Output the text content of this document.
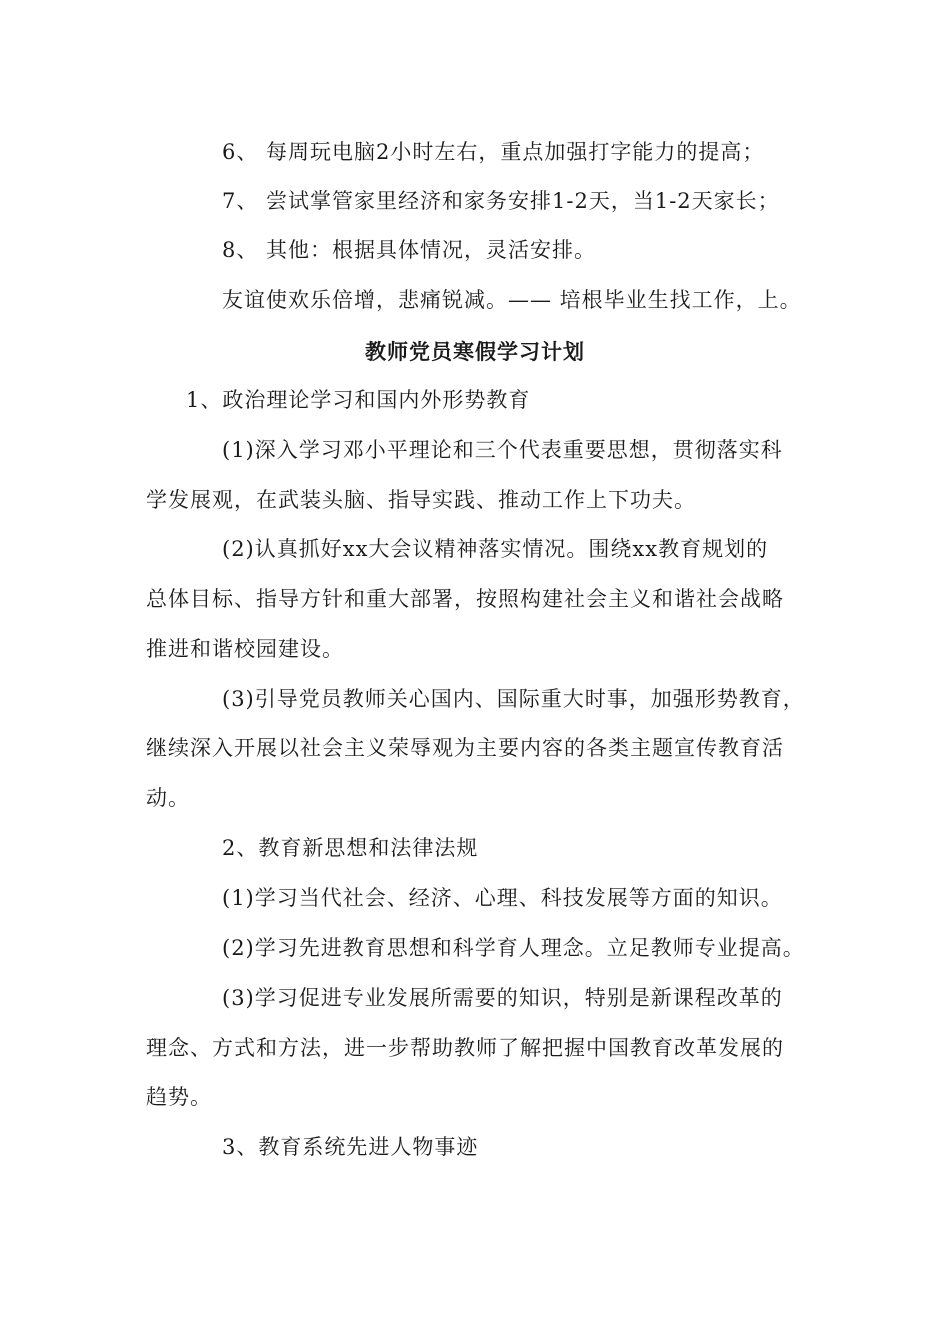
6、 每周玩电脑2小时左右，重点加强打字能力的提高；
7、 尝试掌管家里经济和家务安排1-2天，当1-2天家长；
8、 其他：根据具体情况，灵活安排。
友谊使欢乐倍增，悲痛锐减。—— 培根毕业生找工作，上。
教师党员寒假学习计划
1、政治理论学习和国内外形势教育
(1)深入学习邓小平理论和三个代表重要思想，贯彻落实科
学发展观，在武装头脑、指导实践、推动工作上下功夫。
(2)认真抓好xx大会议精神落实情况。围绕xx教育规划的
总体目标、指导方针和重大部署，按照构建社会主义和谐社会战略
推进和谐校园建设。
(3)引导党员教师关心国内、国际重大时事，加强形势教育，
继续深入开展以社会主义荣辱观为主要内容的各类主题宣传教育活
动。
2、教育新思想和法律法规
(1)学习当代社会、经济、心理、科技发展等方面的知识。
(2)学习先进教育思想和科学育人理念。立足教师专业提高。
(3)学习促进专业发展所需要的知识，特别是新课程改革的
理念、方式和方法，进一步帮助教师了解把握中国教育改革发展的
趋势。
3、教育系统先进人物事迹
